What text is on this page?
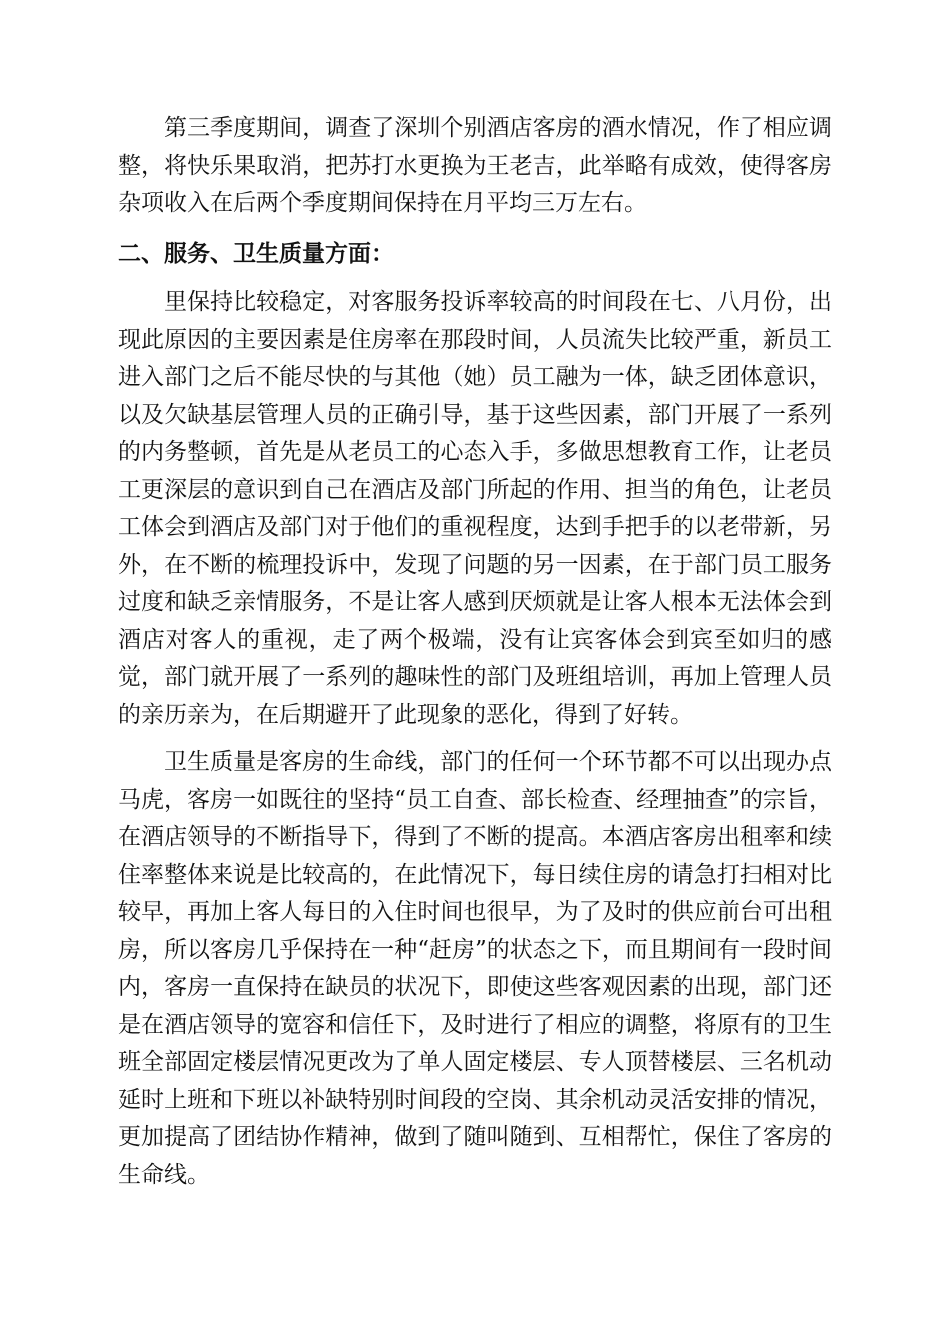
第三季度期间，调查了深圳个别酒店客房的酒水情况，作了相应调整，将快乐果取消，把苏打水更换为王老吉，此举略有成效，使得客房杂项收入在后两个季度期间保持在月平均三万左右。

二、服务、卫生质量方面：

里保持比较稳定，对客服务投诉率较高的时间段在七、八月份，出现此原因的主要因素是住房率在那段时间，人员流失比较严重，新员工进入部门之后不能尽快的与其他（她）员工融为一体，缺乏团体意识，以及欠缺基层管理人员的正确引导，基于这些因素，部门开展了一系列的内务整顿，首先是从老员工的心态入手，多做思想教育工作，让老员工更深层的意识到自己在酒店及部门所起的作用、担当的角色，让老员工体会到酒店及部门对于他们的重视程度，达到手把手的以老带新，另外，在不断的梳理投诉中，发现了问题的另一因素，在于部门员工服务过度和缺乏亲情服务，不是让客人感到厌烦就是让客人根本无法体会到酒店对客人的重视，走了两个极端，没有让宾客体会到宾至如归的感觉，部门就开展了一系列的趣味性的部门及班组培训，再加上管理人员的亲历亲为，在后期避开了此现象的恶化，得到了好转。

卫生质量是客房的生命线，部门的任何一个环节都不可以出现办点马虎，客房一如既往的坚持“员工自查、部长检查、经理抽查”的宗旨，在酒店领导的不断指导下，得到了不断的提高。本酒店客房出租率和续住率整体来说是比较高的，在此情况下，每日续住房的请急打扫相对比较早，再加上客人每日的入住时间也很早，为了及时的供应前台可出租房，所以客房几乎保持在一种“赶房”的状态之下，而且期间有一段时间内，客房一直保持在缺员的状况下，即使这些客观因素的出现，部门还是在酒店领导的宽容和信任下，及时进行了相应的调整，将原有的卫生班全部固定楼层情况更改为了单人固定楼层、专人顶替楼层、三名机动延时上班和下班以补缺特别时间段的空岗、其余机动灵活安排的情况，更加提高了团结协作精神，做到了随叫随到、互相帮忙，保住了客房的生命线。
